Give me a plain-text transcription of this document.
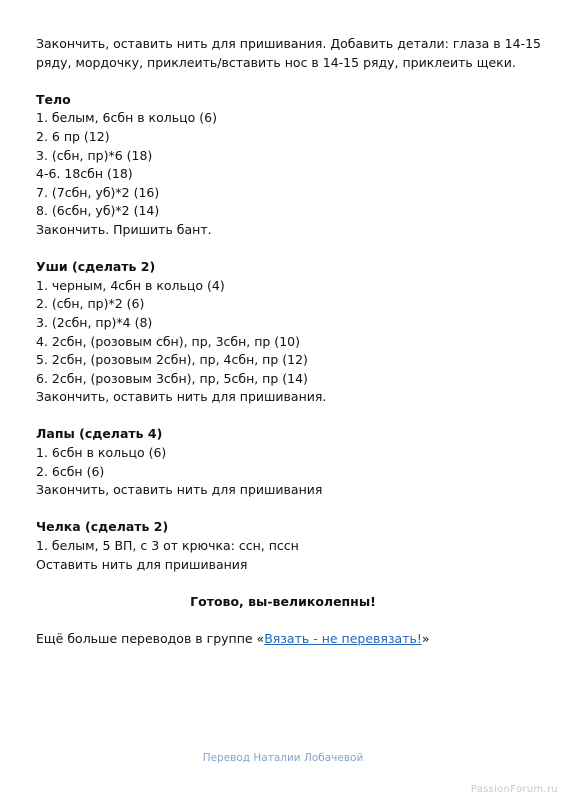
Закончить, оставить нить для пришивания. Добавить детали: глаза в 14-15
ряду, мордочку, приклеить/вставить нос в 14-15 ряду, приклеить щеки.

Тело
1. белым, 6сбн в кольцо (6)
2. 6 пр (12)
3. (сбн, пр)*6 (18)
4-6. 18сбн (18)
7. (7сбн, уб)*2 (16)
8. (6сбн, уб)*2 (14)
Закончить. Пришить бант.
Уши (сделать 2)
1. черным, 4сбн в кольцо (4)
2. (сбн, пр)*2 (6)
3. (2сбн, пр)*4 (8)
4. 2сбн, (розовым сбн), пр, 3сбн, пр (10)
5. 2сбн, (розовым 2сбн), пр, 4сбн, пр (12)
6. 2сбн, (розовым 3сбн), пр, 5сбн, пр (14)
Закончить, оставить нить для пришивания.
Лапы (сделать 4)
1. 6сбн в кольцо (6)
2. 6сбн (6)
Закончить, оставить нить для пришивания
Челка (сделать 2)
1. белым, 5 ВП, с 3 от крючка: ссн, пссн
Оставить нить для пришивания
Готово, вы-великолепны!
Ещё больше переводов в группе «Вязать - не перевязать!»
Перевод Наталии Лобачевой
PassionForum.ru
